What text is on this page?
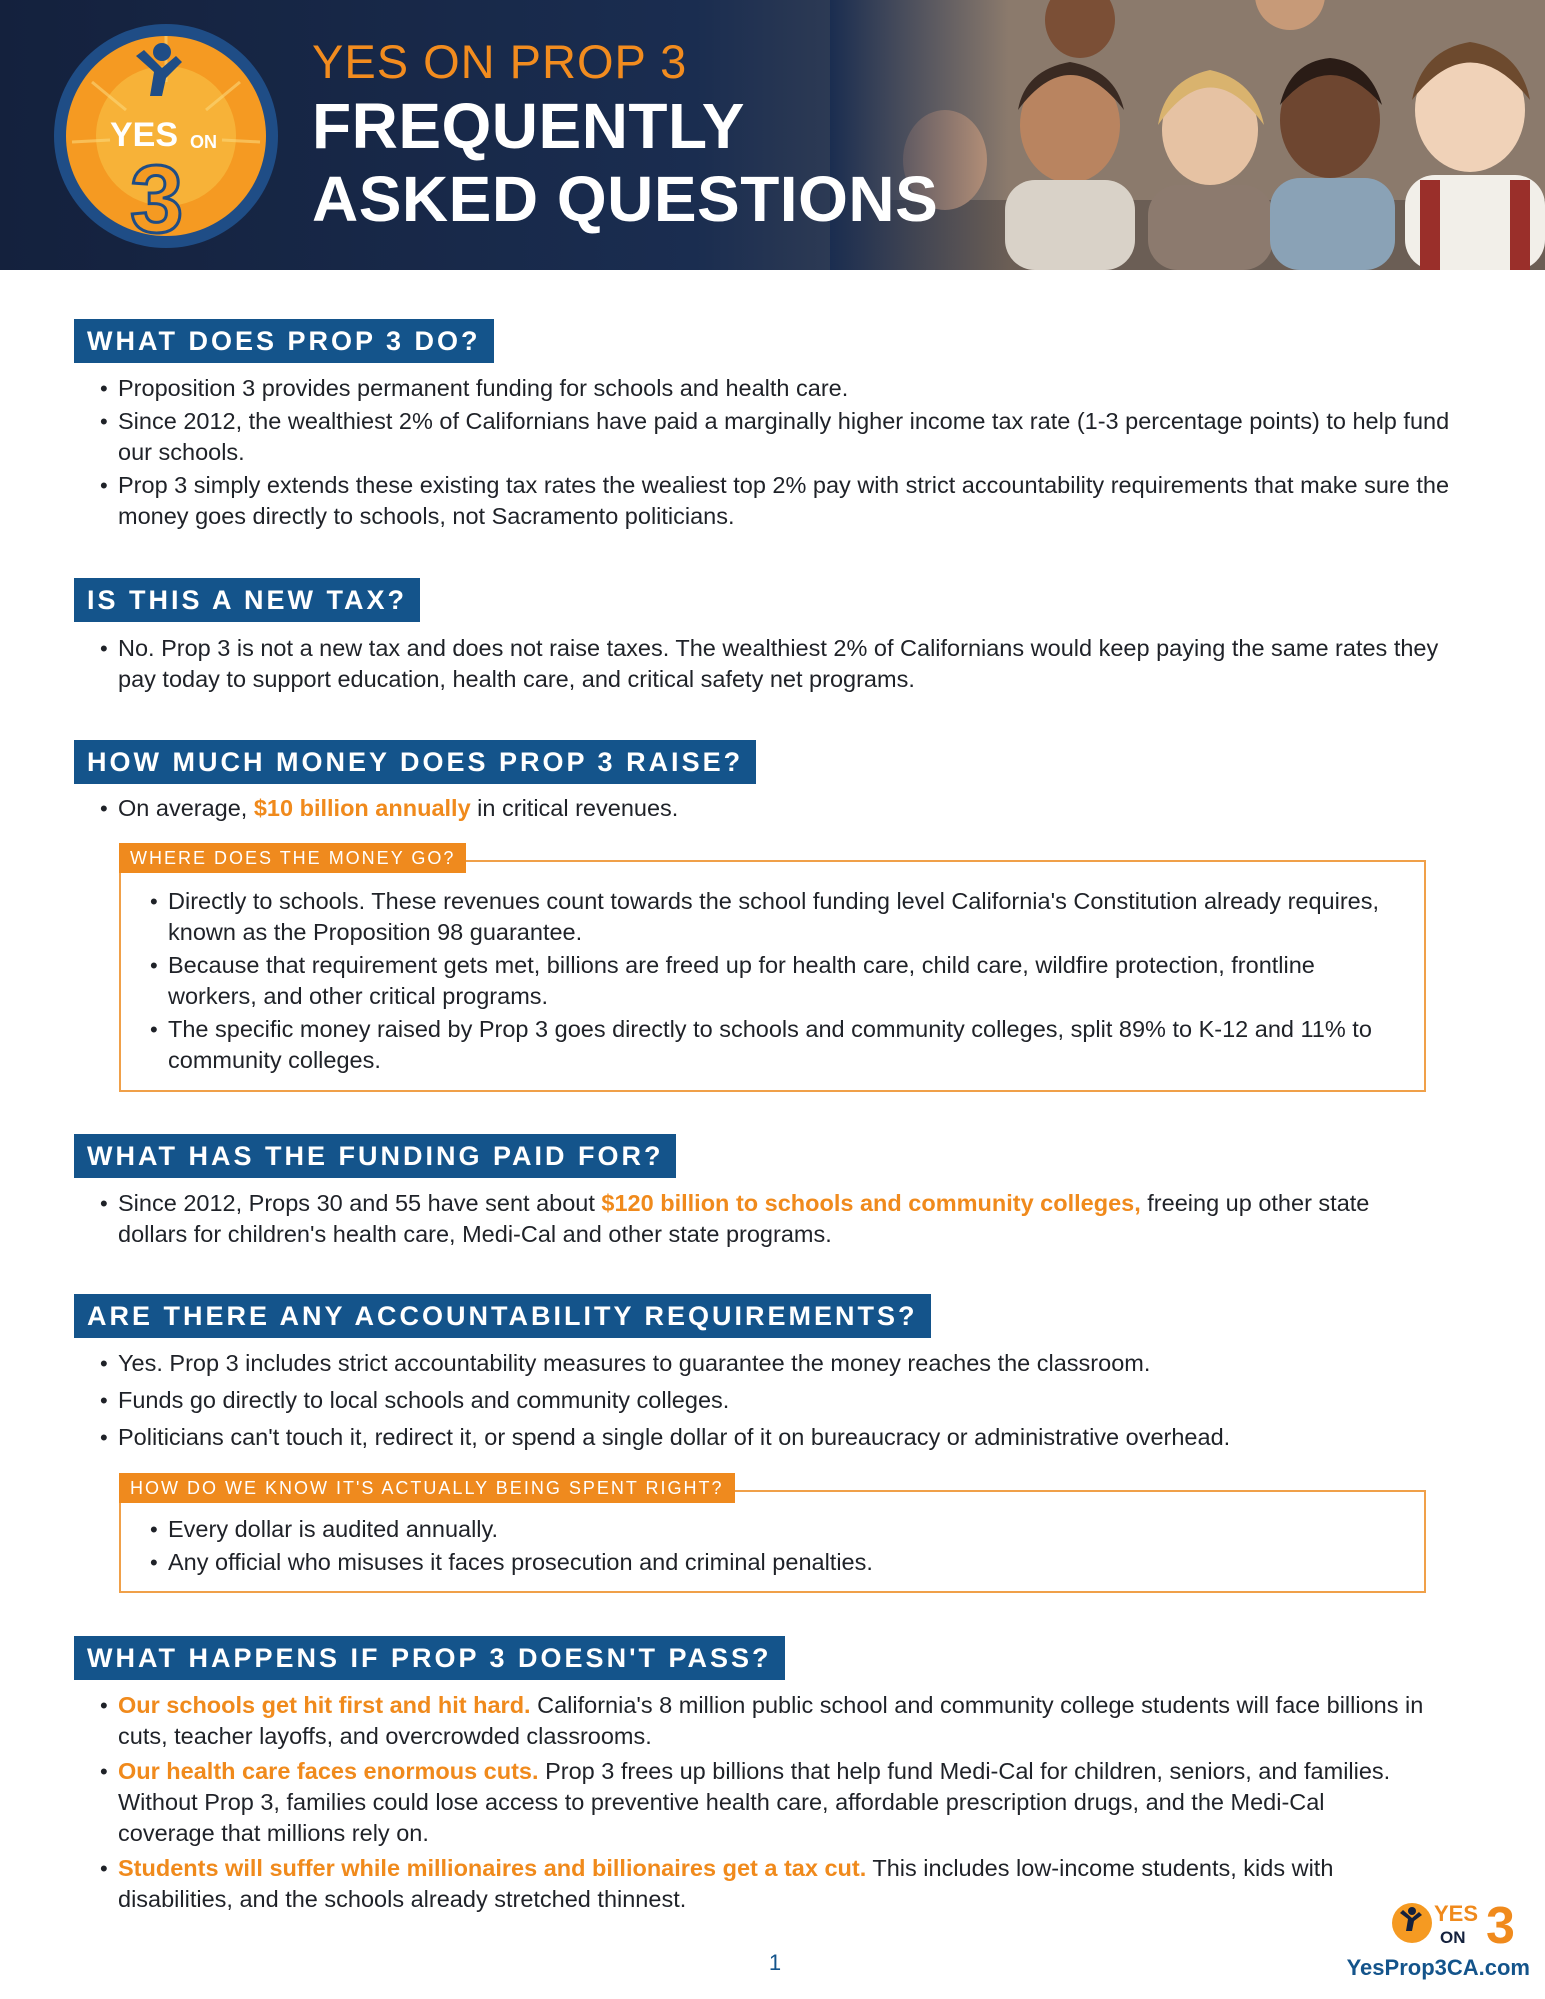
YES ON
3
YES ON PROP 3
FREQUENTLY
ASKED QUESTIONS
WHAT DOES PROP 3 DO?
• Proposition 3 provides permanent funding for schools and health care.
• Since 2012, the wealthiest 2% of Californians have paid a marginally higher income tax rate (1-3 percentage points) to help fund our schools.
• Prop 3 simply extends these existing tax rates the wealiest top 2% pay with strict accountability requirements that make sure the money goes directly to schools, not Sacramento politicians.
IS THIS A NEW TAX?
• No. Prop 3 is not a new tax and does not raise taxes. The wealthiest 2% of Californians would keep paying the same rates they pay today to support education, health care, and critical safety net programs.
HOW MUCH MONEY DOES PROP 3 RAISE?
• On average, $10 billion annually in critical revenues.
WHERE DOES THE MONEY GO?
• Directly to schools. These revenues count towards the school funding level California's Constitution already requires, known as the Proposition 98 guarantee.
• Because that requirement gets met, billions are freed up for health care, child care, wildfire protection, frontline workers, and other critical programs.
• The specific money raised by Prop 3 goes directly to schools and community colleges, split 89% to K-12 and 11% to community colleges.
WHAT HAS THE FUNDING PAID FOR?
• Since 2012, Props 30 and 55 have sent about $120 billion to schools and community colleges, freeing up other state dollars for children's health care, Medi-Cal and other state programs.
ARE THERE ANY ACCOUNTABILITY REQUIREMENTS?
• Yes. Prop 3 includes strict accountability measures to guarantee the money reaches the classroom.
• Funds go directly to local schools and community colleges.
• Politicians can't touch it, redirect it, or spend a single dollar of it on bureaucracy or administrative overhead.
HOW DO WE KNOW IT'S ACTUALLY BEING SPENT RIGHT?
• Every dollar is audited annually.
• Any official who misuses it faces prosecution and criminal penalties.
WHAT HAPPENS IF PROP 3 DOESN'T PASS?
• Our schools get hit first and hit hard. California's 8 million public school and community college students will face billions in cuts, teacher layoffs, and overcrowded classrooms.
• Our health care faces enormous cuts. Prop 3 frees up billions that help fund Medi-Cal for children, seniors, and families. Without Prop 3, families could lose access to preventive health care, affordable prescription drugs, and the Medi-Cal coverage that millions rely on.
• Students will suffer while millionaires and billionaires get a tax cut. This includes low-income students, kids with disabilities, and the schools already stretched thinnest.
1
YES
ON 3
YesProp3CA.com
